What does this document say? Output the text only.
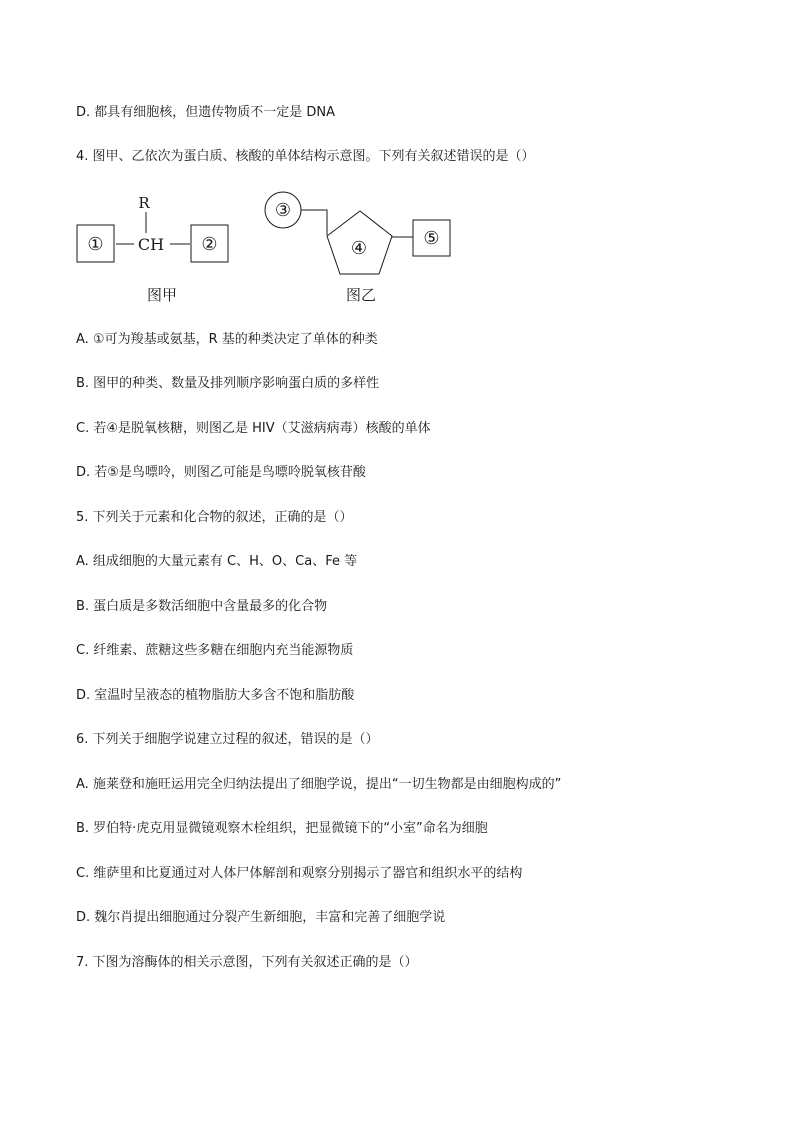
D. 都具有细胞核，但遗传物质不一定是 DNA
4. 图甲、乙依次为蛋白质、核酸的单体结构示意图。下列有关叙述错误的是（）
①
R
CH ②
图甲
③
④	⑤
图乙
A. ①可为羧基或氨基，R 基的种类决定了单体的种类
B. 图甲的种类、数量及排列顺序影响蛋白质的多样性
C. 若④是脱氧核糖，则图乙是 HIV（艾滋病病毒）核酸的单体
D. 若⑤是鸟嘌呤，则图乙可能是鸟嘌呤脱氧核苷酸
5. 下列关于元素和化合物的叙述，正确的是（）
A. 组成细胞的大量元素有 C、H、O、Ca、Fe 等
B. 蛋白质是多数活细胞中含量最多的化合物
C. 纤维素、蔗糖这些多糖在细胞内充当能源物质
D. 室温时呈液态的植物脂肪大多含不饱和脂肪酸
6. 下列关于细胞学说建立过程的叙述，错误的是（）
A. 施莱登和施旺运用完全归纳法提出了细胞学说，提出“一切生物都是由细胞构成的”
B. 罗伯特·虎克用显微镜观察木栓组织，把显微镜下的“小室”命名为细胞
C. 维萨里和比夏通过对人体尸体解剖和观察分别揭示了器官和组织水平的结构
D. 魏尔肖提出细胞通过分裂产生新细胞，丰富和完善了细胞学说
7. 下图为溶酶体的相关示意图，下列有关叙述正确的是（）
